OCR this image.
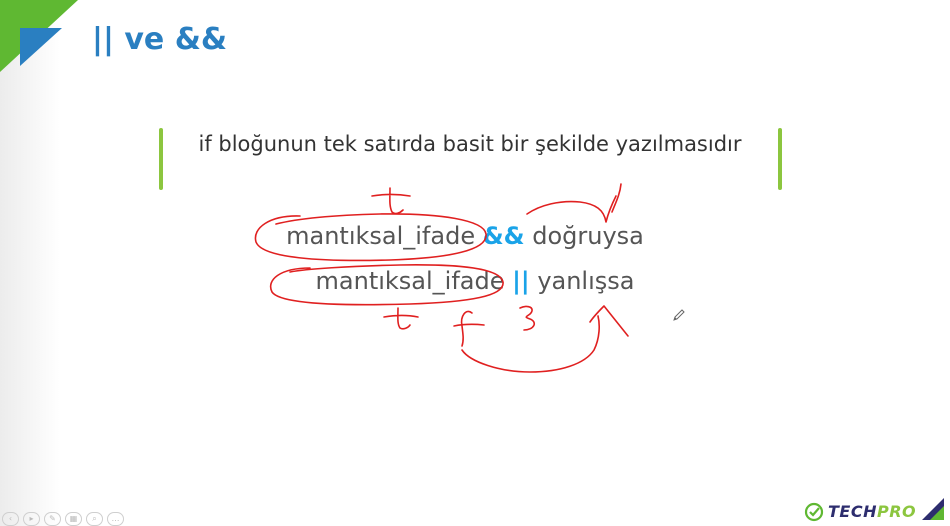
|| ve &&
if bloğunun tek satırda basit bir şekilde yazılmasıdır
mantıksal_ifade && doğruysa
mantıksal_ifade || yanlışsa
‹	▸	✎	▦	⌕	…	TECHPRO
